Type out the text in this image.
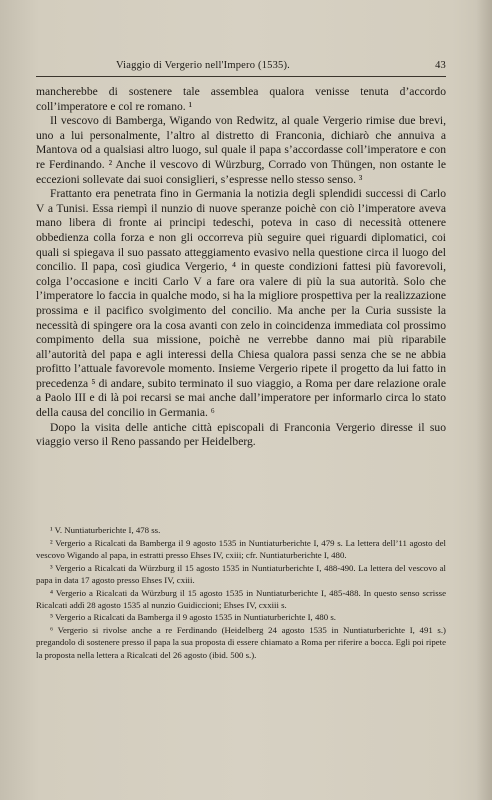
Viaggio di Vergerio nell'Impero (1535).	43

mancherebbe di sostenere tale assemblea qualora venisse tenuta d’accordo coll’imperatore e col re romano. ¹

Il vescovo di Bamberga, Wigando von Redwitz, al quale Vergerio rimise due brevi, uno a lui personalmente, l’altro al distretto di Franconia, dichiarò che annuiva a Mantova od a qualsiasi altro luogo, sul quale il papa s’accordasse coll’imperatore e con re Ferdinando. ² Anche il vescovo di Würzburg, Corrado von Thüngen, non ostante le eccezioni sollevate dai suoi consiglieri, s’espresse nello stesso senso. ³

Frattanto era penetrata fino in Germania la notizia degli splendidi successi di Carlo V a Tunisi. Essa riempì il nunzio di nuove speranze poichè con ciò l’imperatore aveva mano libera di fronte ai principi tedeschi, poteva in caso di necessità ottenere obbedienza colla forza e non gli occorreva più seguire quei riguardi diplomatici, coi quali si spiegava il suo passato atteggiamento evasivo nella questione circa il luogo del concilio. Il papa, così giudica Vergerio, ⁴ in queste condizioni fattesi più favorevoli, colga l’occasione e inciti Carlo V a fare ora valere di più la sua autorità. Solo che l’imperatore lo faccia in qualche modo, si ha la migliore prospettiva per la realizzazione prossima e il pacifico svolgimento del concilio. Ma anche per la Curia sussiste la necessità di spingere ora la cosa avanti con zelo in coincidenza immediata col prossimo compimento della sua missione, poichè ne verrebbe danno mai più riparabile all’autorità del papa e agli interessi della Chiesa qualora passi senza che se ne abbia profitto l’attuale favorevole momento. Insieme Vergerio ripete il progetto da lui fatto in precedenza ⁵ di andare, subito terminato il suo viaggio, a Roma per dare relazione orale a Paolo III e di là poi recarsi se mai anche dall’imperatore per informarlo circa lo stato della causa del concilio in Germania. ⁶

Dopo la visita delle antiche città episcopali di Franconia Vergerio diresse il suo viaggio verso il Reno passando per Heidelberg.

¹ V. Nuntiaturberichte I, 478 ss.

² Vergerio a Ricalcati da Bamberga il 9 agosto 1535 in Nuntiaturberichte I, 479 s. La lettera dell’11 agosto del vescovo Wigando al papa, in estratti presso Ehses IV, cxiii; cfr. Nuntiaturberichte I, 480.

³ Vergerio a Ricalcati da Würzburg il 15 agosto 1535 in Nuntiaturberichte I, 488-490. La lettera del vescovo al papa in data 17 agosto presso Ehses IV, cxiii.

⁴ Vergerio a Ricalcati da Würzburg il 15 agosto 1535 in Nuntiaturberichte I, 485-488. In questo senso scrisse Ricalcati addì 28 agosto 1535 al nunzio Guidiccioni; Ehses IV, cxxiii s.

⁵ Vergerio a Ricalcati da Bamberga il 9 agosto 1535 in Nuntiaturberichte I, 480 s.

⁶ Vergerio si rivolse anche a re Ferdinando (Heidelberg 24 agosto 1535 in Nuntiaturberichte I, 491 s.) pregandolo di sostenere presso il papa la sua proposta di essere chiamato a Roma per riferire a bocca. Egli poi ripete la proposta nella lettera a Ricalcati del 26 agosto (ibid. 500 s.).
